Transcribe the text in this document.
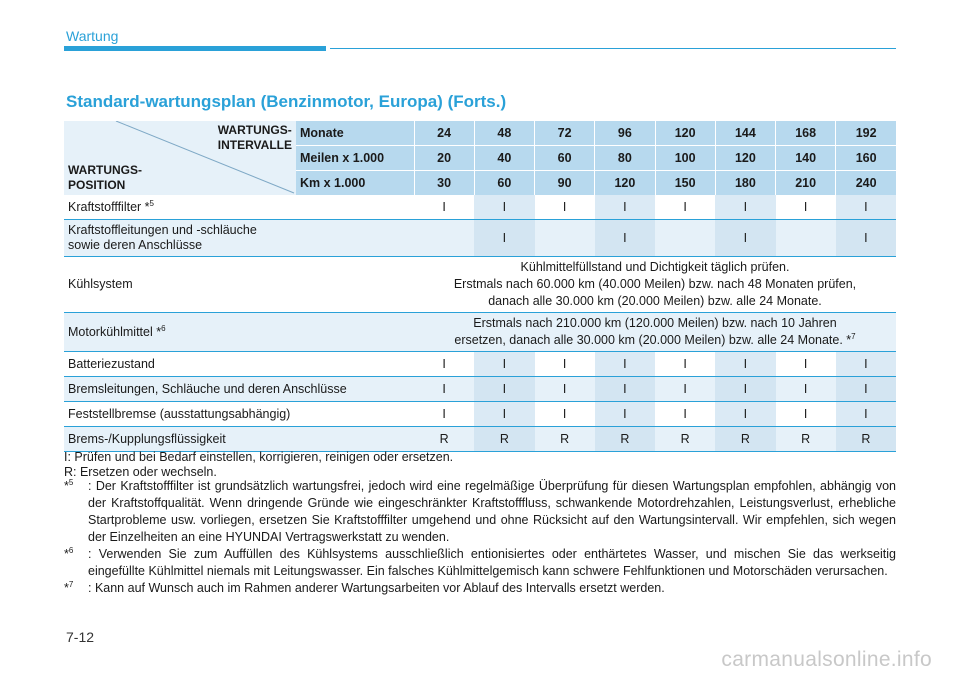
Wartung
Standard-wartungsplan (Benzinmotor, Europa) (Forts.)
WARTUNGS-
INTERVALLE
WARTUNGS-
POSITION	Monate	24	48	72	96	120	144	168	192
	Meilen x 1.000	20	40	60	80	100	120	140	160
	Km x 1.000	30	60	90	120	150	180	210	240
Kraftstofffilter *$^5$		I	I	I	I	I	I	I	I
Kraftstoffleitungen und -schläuche
sowie deren Anschlüsse			I		I		I		I
Kühlsystem		Kühlmittelfüllstand und Dichtigkeit täglich prüfen.
Erstmals nach 60.000 km (40.000 Meilen) bzw. nach 48 Monaten prüfen,
danach alle 30.000 km (20.000 Meilen) bzw. alle 24 Monate.							
Motorkühlmittel *$^6$		Erstmals nach 210.000 km (120.000 Meilen) bzw. nach 10 Jahren
ersetzen, danach alle 30.000 km (20.000 Meilen) bzw. alle 24 Monate. *$^7$
Batteriezustand		I	I	I	I	I	I	I	I
Bremsleitungen, Schläuche und deren Anschlüsse		I	I	I	I	I	I	I	I
Feststellbremse (ausstattungsabhängig)		I	I	I	I	I	I	I	I
Brems-/Kupplungsflüssigkeit		R	R	R	R	R	R	R	R
I: Prüfen und bei Bedarf einstellen, korrigieren, reinigen oder ersetzen.
R: Ersetzen oder wechseln.
*$^5$	: Der Kraftstofffilter ist grundsätzlich wartungsfrei, jedoch wird eine regelmäßige Überprüfung für diesen Wartungsplan empfohlen, abhängig von der Kraftstoffqualität. Wenn dringende Gründe wie eingeschränkter Kraftstofffluss, schwankende Motordrehzahlen, Leistungsverlust, erhebliche Startprobleme usw. vorliegen, ersetzen Sie Kraftstofffilter umgehend und ohne Rücksicht auf den Wartungsintervall. Wir empfehlen, sich wegen der Einzelheiten an eine HYUNDAI Vertragswerkstatt zu wenden.
*$^6$	: Verwenden Sie zum Auffüllen des Kühlsystems ausschließlich entionisiertes oder enthärtetes Wasser, und mischen Sie das werkseitig eingefüllte Kühlmittel niemals mit Leitungswasser. Ein falsches Kühlmittelgemisch kann schwere Fehlfunktionen und Motorschäden verursachen.
*$^7$	: Kann auf Wunsch auch im Rahmen anderer Wartungsarbeiten vor Ablauf des Intervalls ersetzt werden.
7-12
carmanualsonline.info
